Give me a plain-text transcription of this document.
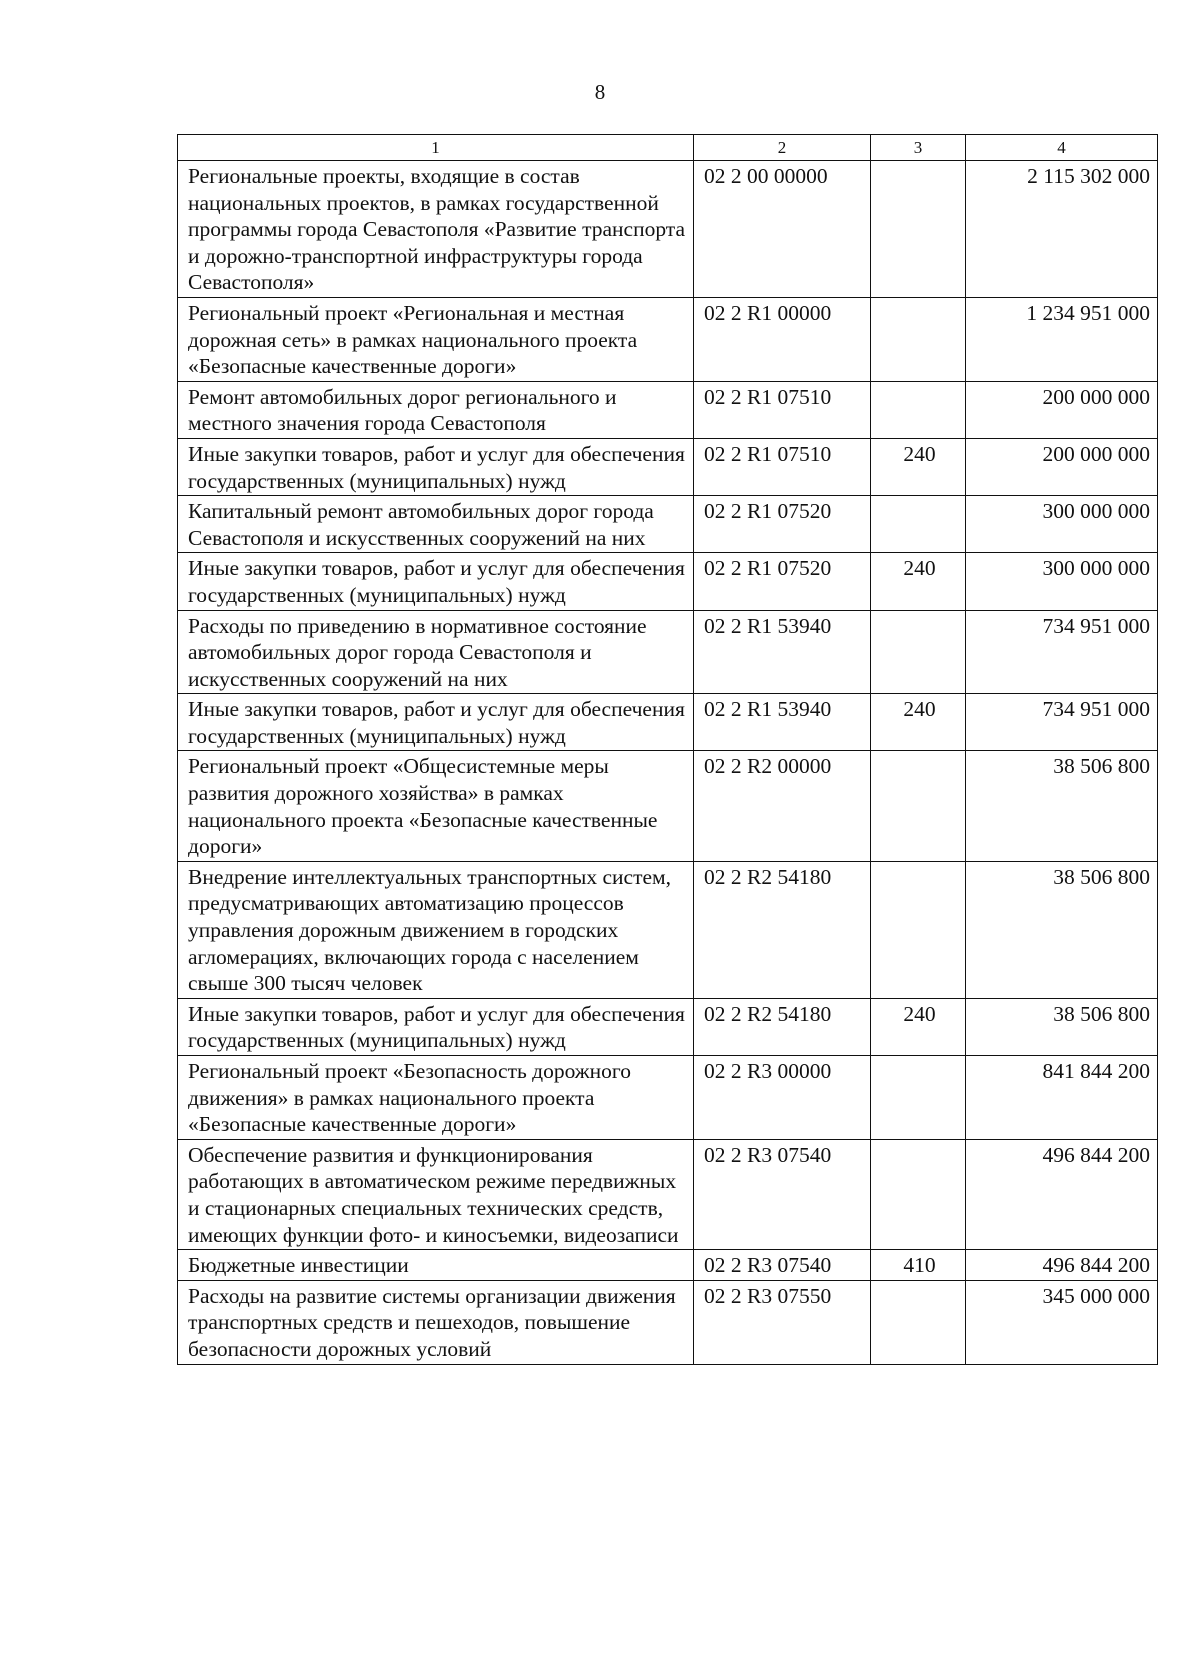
8
1	2	3	4
Региональные проекты, входящие в состав национальных проектов, в рамках государственной программы города Севастополя «Развитие транспорта и дорожно-транспортной инфраструктуры города Севастополя»	02 2 00 00000		2 115 302 000
Региональный проект «Региональная и местная дорожная сеть» в рамках национального проекта «Безопасные качественные дороги»	02 2 R1 00000		1 234 951 000
Ремонт автомобильных дорог регионального и местного значения города Севастополя	02 2 R1 07510		200 000 000
Иные закупки товаров, работ и услуг для обеспечения государственных (муниципальных) нужд	02 2 R1 07510	240	200 000 000
Капитальный ремонт автомобильных дорог города Севастополя и искусственных сооружений на них	02 2 R1 07520		300 000 000
Иные закупки товаров, работ и услуг для обеспечения государственных (муниципальных) нужд	02 2 R1 07520	240	300 000 000
Расходы по приведению в нормативное состояние автомобильных дорог города Севастополя и искусственных сооружений на них	02 2 R1 53940		734 951 000
Иные закупки товаров, работ и услуг для обеспечения государственных (муниципальных) нужд	02 2 R1 53940	240	734 951 000
Региональный проект «Общесистемные меры развития дорожного хозяйства» в рамках национального проекта «Безопасные качественные дороги»	02 2 R2 00000		38 506 800
Внедрение интеллектуальных транспортных систем, предусматривающих автоматизацию процессов управления дорожным движением в городских агломерациях, включающих города с населением свыше 300 тысяч человек	02 2 R2 54180		38 506 800
Иные закупки товаров, работ и услуг для обеспечения государственных (муниципальных) нужд	02 2 R2 54180	240	38 506 800
Региональный проект «Безопасность дорожного движения» в рамках национального проекта «Безопасные качественные дороги»	02 2 R3 00000		841 844 200
Обеспечение развития и функционирования работающих в автоматическом режиме передвижных и стационарных специальных технических средств, имеющих функции фото- и киносъемки, видеозаписи	02 2 R3 07540		496 844 200
Бюджетные инвестиции	02 2 R3 07540	410	496 844 200
Расходы на развитие системы организации движения транспортных средств и пешеходов, повышение безопасности дорожных условий	02 2 R3 07550		345 000 000
